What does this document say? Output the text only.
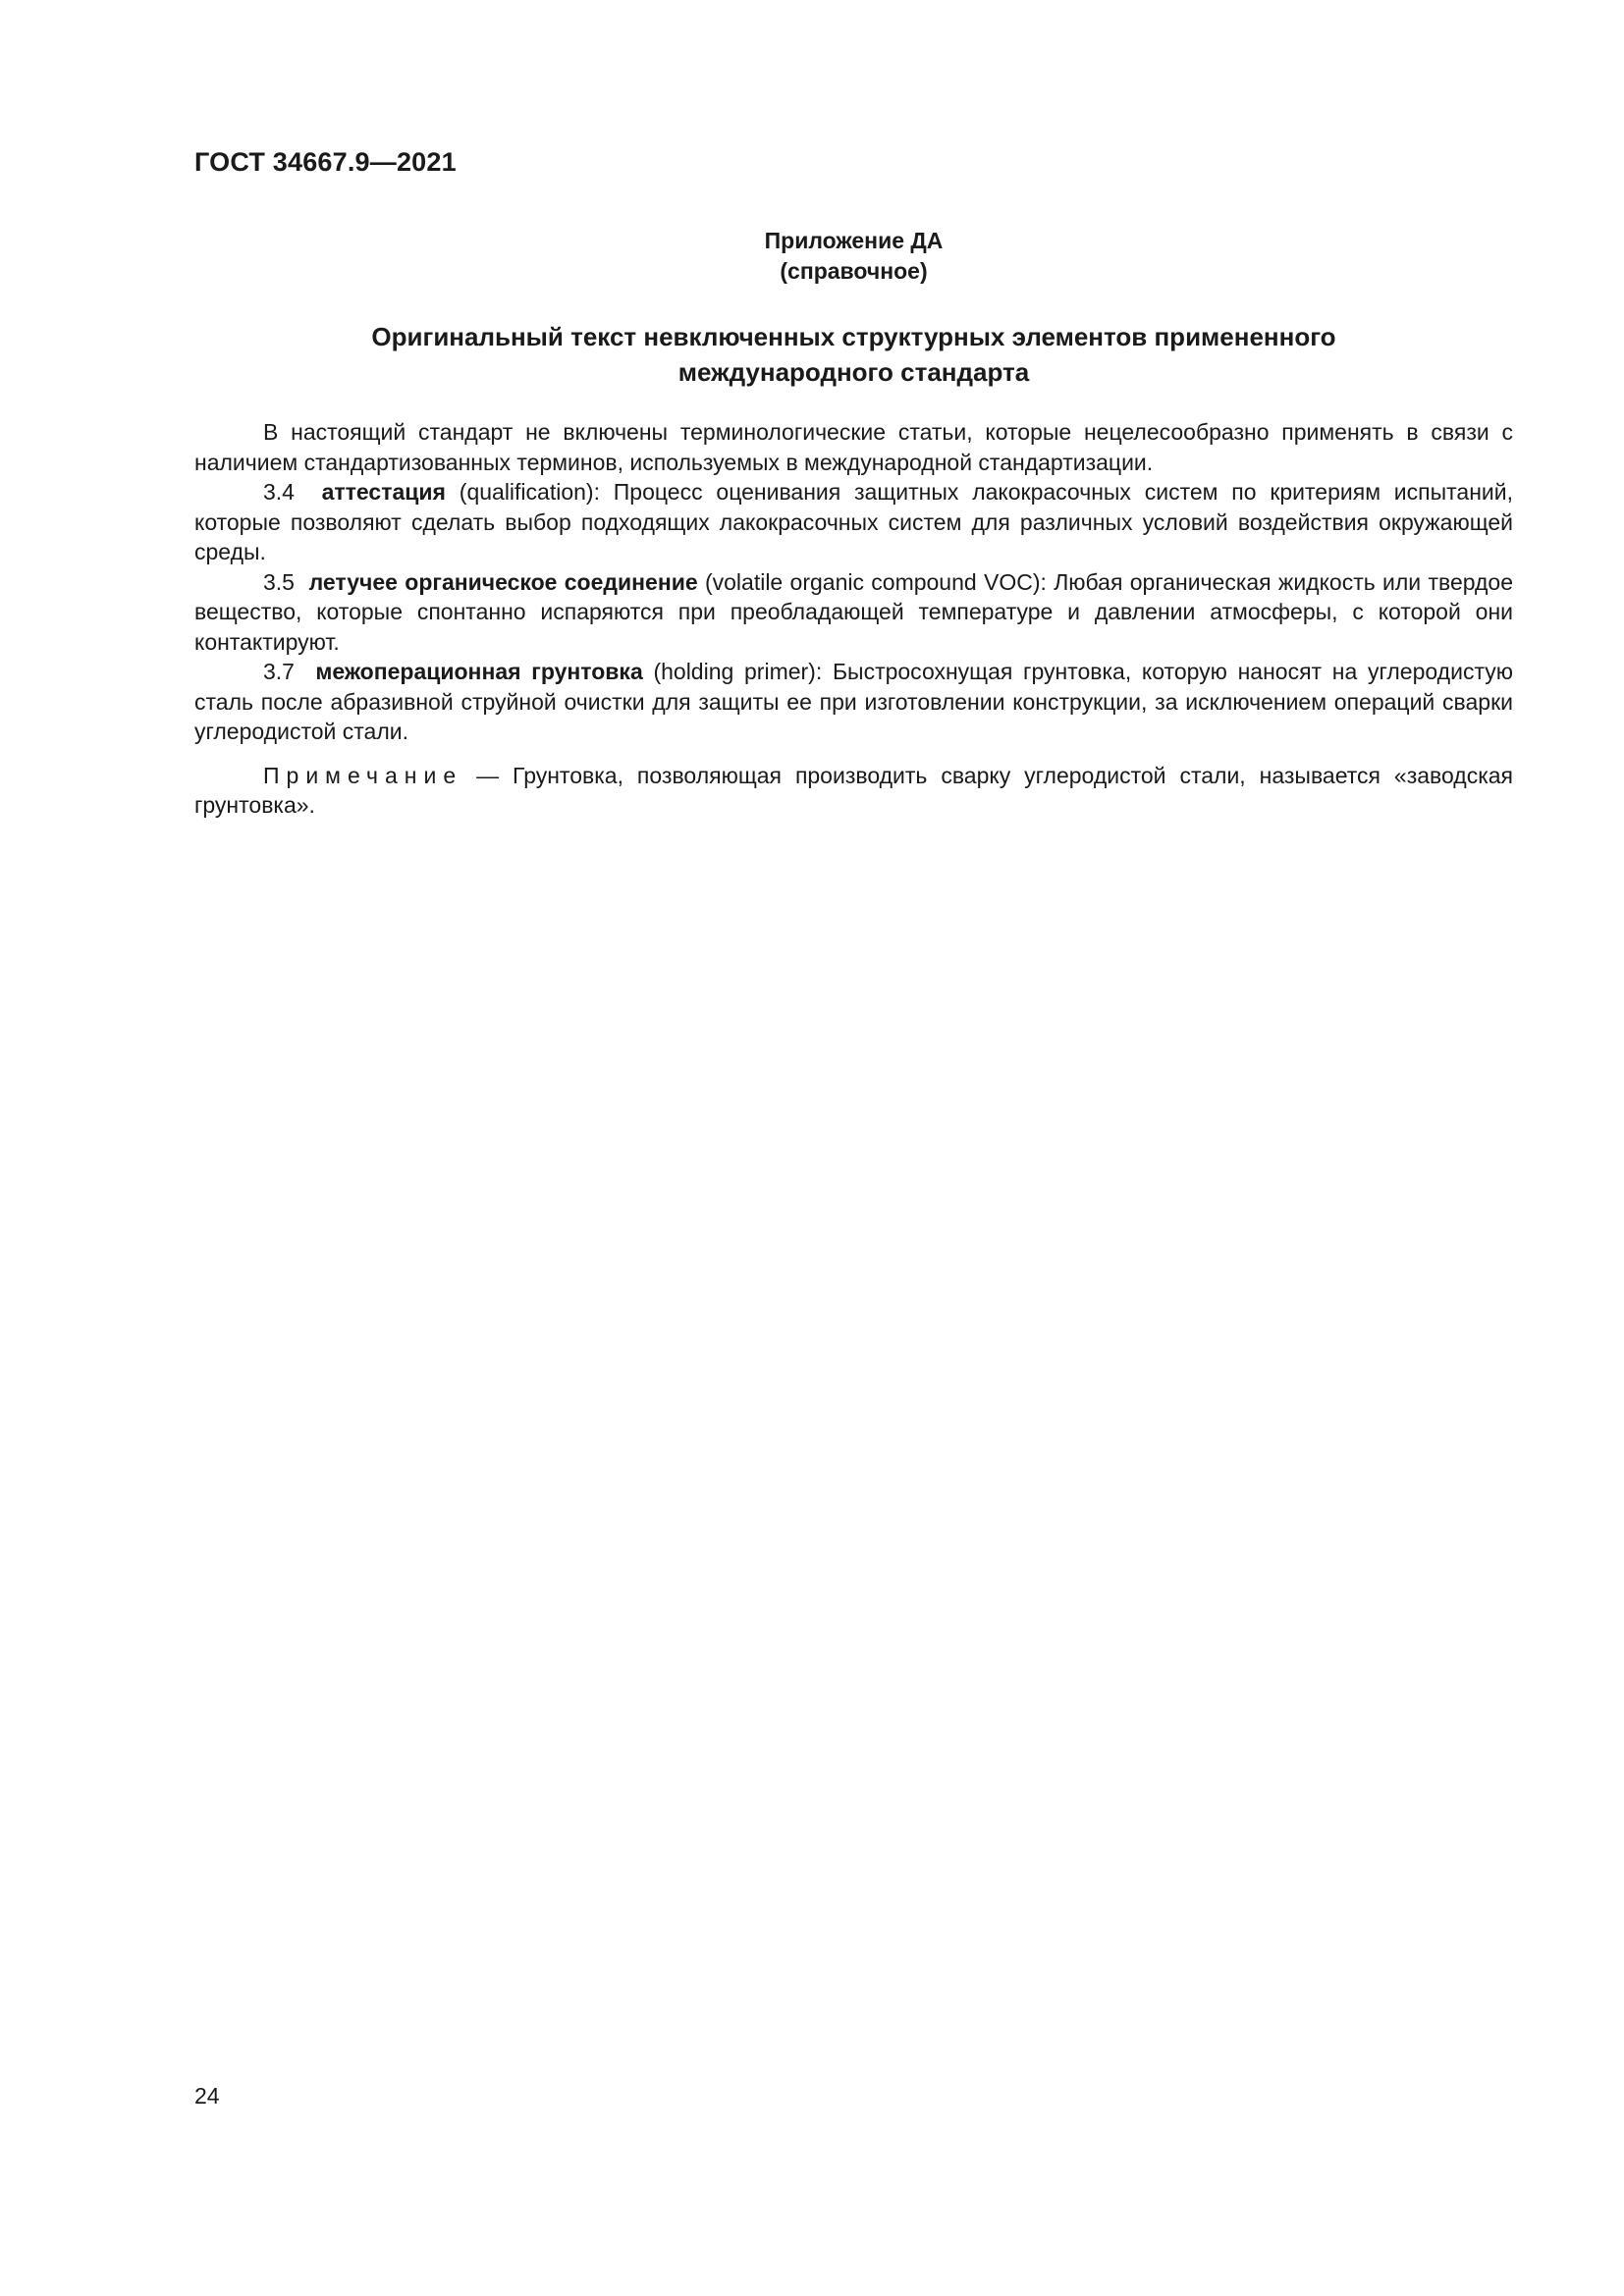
ГОСТ 34667.9—2021
Приложение ДА
(справочное)
Оригинальный текст невключенных структурных элементов примененного
международного стандарта

В настоящий стандарт не включены терминологические статьи, которые нецелесообразно применять в связи с наличием стандартизованных терминов, используемых в международной стандартизации.

3.4 аттестация (qualification): Процесс оценивания защитных лакокрасочных систем по критериям испытаний, которые позволяют сделать выбор подходящих лакокрасочных систем для различных условий воздействия окружающей среды.

3.5 летучее органическое соединение (volatile organic compound VOC): Любая органическая жидкость или твердое вещество, которые спонтанно испаряются при преобладающей температуре и давлении атмосферы, с которой они контактируют.

3.7 межоперационная грунтовка (holding primer): Быстросохнущая грунтовка, которую наносят на углеродистую сталь после абразивной струйной очистки для защиты ее при изготовлении конструкции, за исключением операций сварки углеродистой стали.

Примечание — Грунтовка, позволяющая производить сварку углеродистой стали, называется «заводская грунтовка».

24
